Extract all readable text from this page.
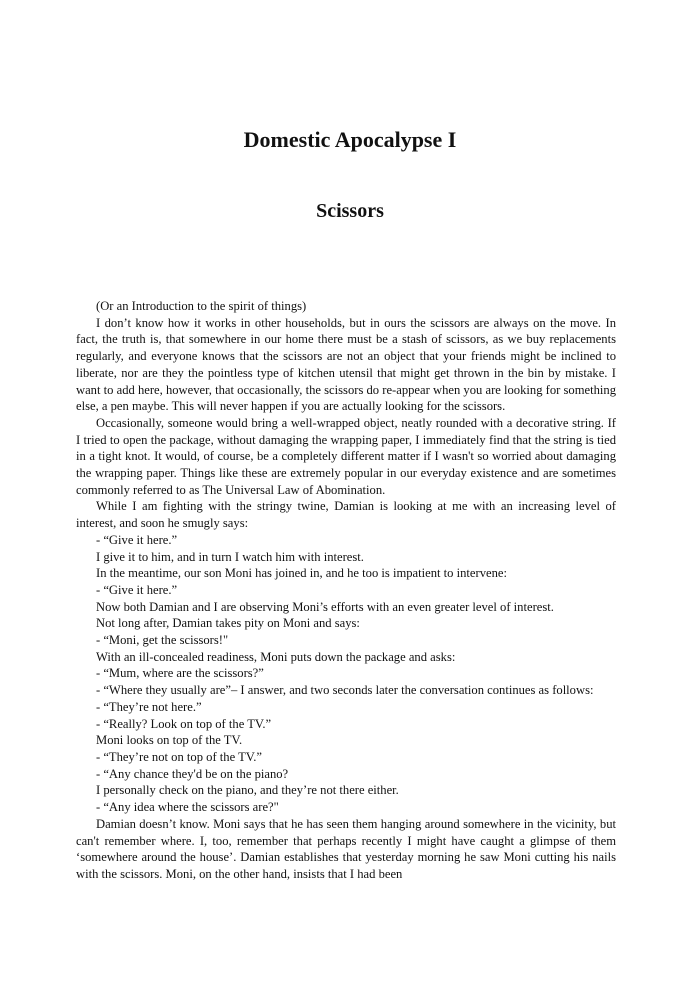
Domestic Apocalypse I
Scissors

(Or an Introduction to the spirit of things)

I don’t know how it works in other households, but in ours the scissors are always on the move. In fact, the truth is, that somewhere in our home there must be a stash of scissors, as we buy replacements regularly, and everyone knows that the scissors are not an object that your friends might be inclined to liberate, nor are they the pointless type of kitchen utensil that might get thrown in the bin by mistake. I want to add here, however, that occasionally, the scissors do re-appear when you are looking for something else, a pen maybe. This will never happen if you are actually looking for the scissors.

Occasionally, someone would bring a well-wrapped object, neatly rounded with a decorative string. If I tried to open the package, without damaging the wrapping paper, I immediately find that the string is tied in a tight knot. It would, of course, be a completely different matter if I wasn't so worried about damaging the wrapping paper. Things like these are extremely popular in our everyday existence and are sometimes commonly referred to as The Universal Law of Abomination.

While I am fighting with the stringy twine, Damian is looking at me with an increasing level of interest, and soon he smugly says:

- “Give it here.”

I give it to him, and in turn I watch him with interest.

In the meantime, our son Moni has joined in, and he too is impatient to intervene:

- “Give it here.”

Now both Damian and I are observing Moni’s efforts with an even greater level of interest.

Not long after, Damian takes pity on Moni and says:

- “Moni, get the scissors!"

With an ill-concealed readiness, Moni puts down the package and asks:

- “Mum, where are the scissors?”

- “Where they usually are”– I answer, and two seconds later the conversation continues as follows:

- “They’re not here.”

- “Really? Look on top of the TV.”

Moni looks on top of the TV.

- “They’re not on top of the TV.”

- “Any chance they'd be on the piano?

I personally check on the piano, and they’re not there either.

- “Any idea where the scissors are?"

Damian doesn’t know. Moni says that he has seen them hanging around somewhere in the vicinity, but can't remember where. I, too, remember that perhaps recently I might have caught a glimpse of them ‘somewhere around the house’. Damian establishes that yesterday morning he saw Moni cutting his nails with the scissors. Moni, on the other hand, insists that I had been
